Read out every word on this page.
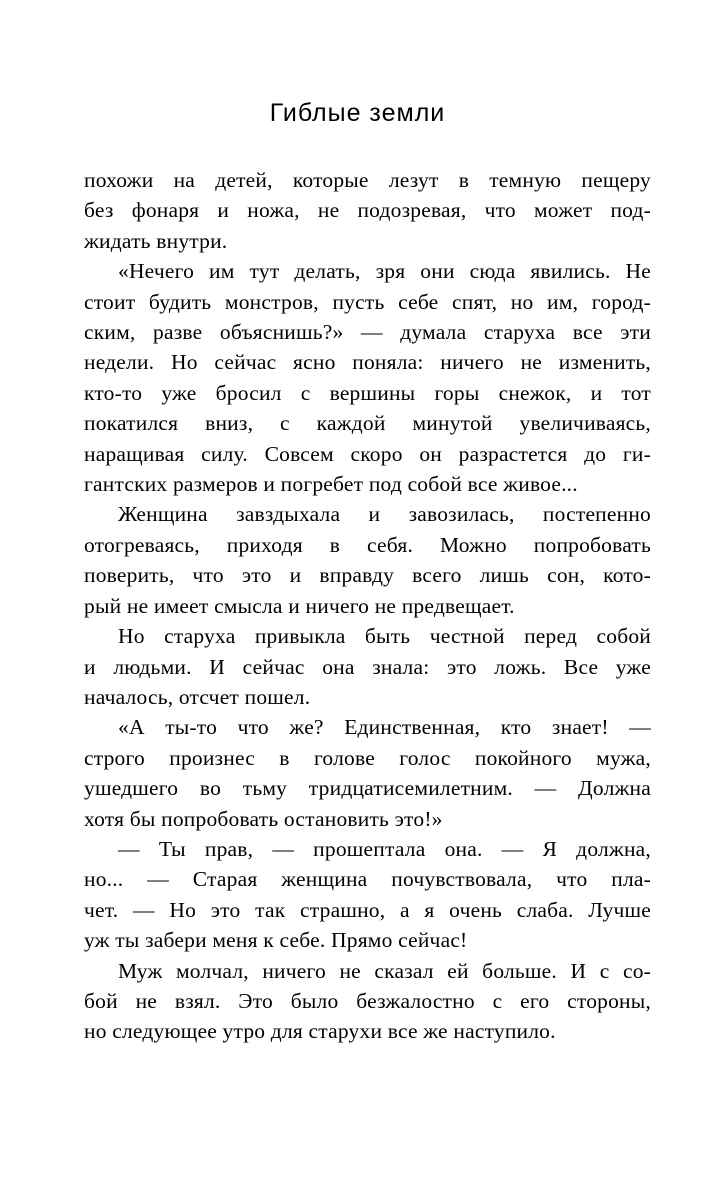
Гиблые земли
похожи на детей, которые лезут в темную пещеру
без фонаря и ножа, не подозревая, что может под-
жидать внутри.
«Нечего им тут делать, зря они сюда явились. Не
стоит будить монстров, пусть себе спят, но им, город-
ским, разве объяснишь?» — думала старуха все эти
недели. Но сейчас ясно поняла: ничего не изменить,
кто-то уже бросил с вершины горы снежок, и тот
покатился вниз, с каждой минутой увеличиваясь,
наращивая силу. Совсем скоро он разрастется до ги-
гантских размеров и погребет под собой все живое...
Женщина завздыхала и завозилась, постепенно
отогреваясь, приходя в себя. Можно попробовать
поверить, что это и вправду всего лишь сон, кото-
рый не имеет смысла и ничего не предвещает.
Но старуха привыкла быть честной перед собой
и людьми. И сейчас она знала: это ложь. Все уже
началось, отсчет пошел.
«А ты-то что же? Единственная, кто знает! —
строго произнес в голове голос покойного мужа,
ушедшего во тьму тридцатисемилетним. — Должна
хотя бы попробовать остановить это!»
— Ты прав, — прошептала она. — Я должна,
но... — Старая женщина почувствовала, что пла-
чет. — Но это так страшно, а я очень слаба. Лучше
уж ты забери меня к себе. Прямо сейчас!
Муж молчал, ничего не сказал ей больше. И с со-
бой не взял. Это было безжалостно с его стороны,
но следующее утро для старухи все же наступило.
